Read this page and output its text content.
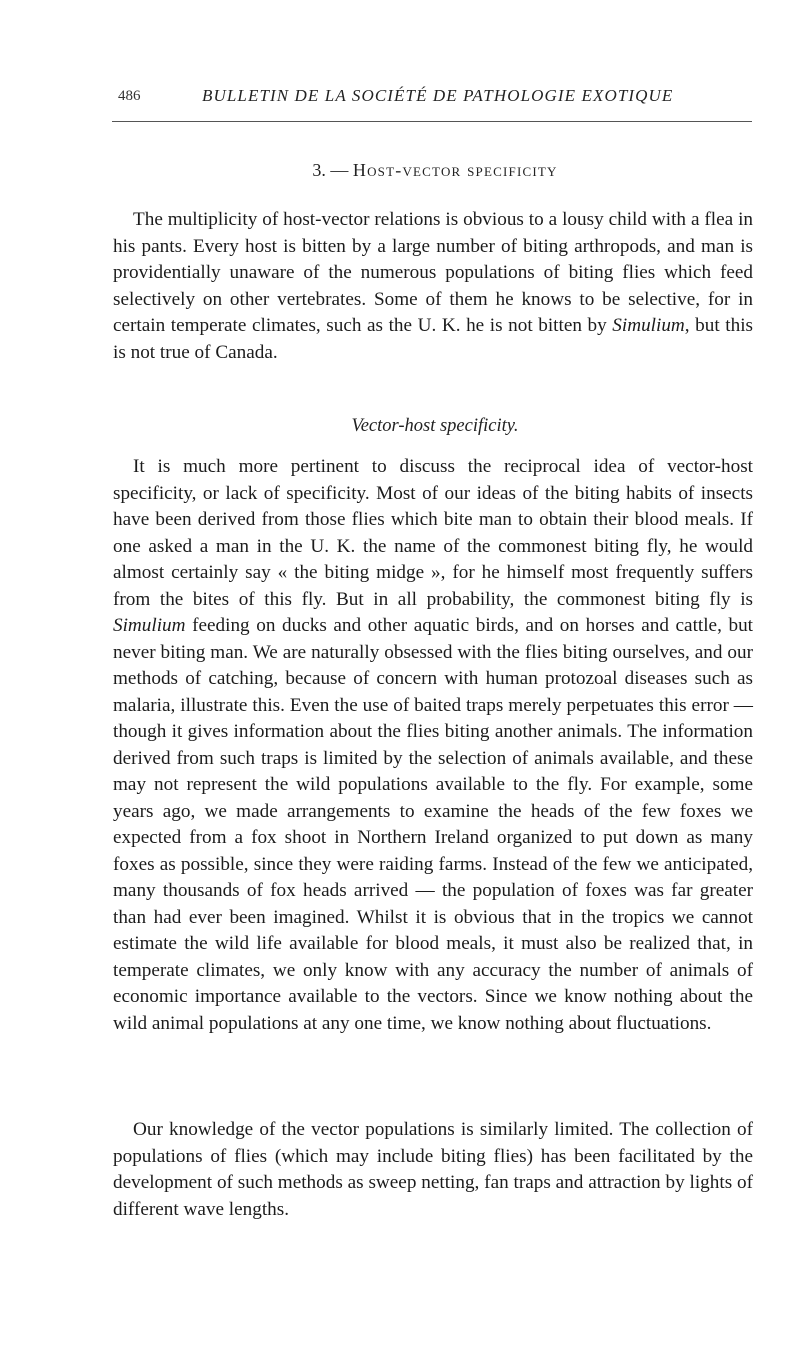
486	BULLETIN DE LA SOCIÉTÉ DE PATHOLOGIE EXOTIQUE
3. — Host-vector specificity

The multiplicity of host-vector relations is obvious to a lousy child with a flea in his pants. Every host is bitten by a large number of biting arthropods, and man is providentially unaware of the numerous populations of biting flies which feed selectively on other vertebrates. Some of them he knows to be selective, for in certain temperate climates, such as the U. K. he is not bitten by Simulium, but this is not true of Canada.

Vector-host specificity.

It is much more pertinent to discuss the reciprocal idea of vector-host specificity, or lack of specificity. Most of our ideas of the biting habits of insects have been derived from those flies which bite man to obtain their blood meals. If one asked a man in the U. K. the name of the commonest biting fly, he would almost certainly say « the biting midge », for he himself most frequently suffers from the bites of this fly. But in all probability, the commonest biting fly is Simulium feeding on ducks and other aquatic birds, and on horses and cattle, but never biting man. We are naturally obsessed with the flies biting ourselves, and our methods of catching, because of concern with human protozoal diseases such as malaria, illustrate this. Even the use of baited traps merely perpetuates this error — though it gives information about the flies biting another animals. The information derived from such traps is limited by the selection of animals available, and these may not represent the wild populations available to the fly. For example, some years ago, we made arrangements to examine the heads of the few foxes we expected from a fox shoot in Northern Ireland organized to put down as many foxes as possible, since they were raiding farms. Instead of the few we anticipated, many thousands of fox heads arrived — the population of foxes was far greater than had ever been imagined. Whilst it is obvious that in the tropics we cannot estimate the wild life available for blood meals, it must also be realized that, in temperate climates, we only know with any accuracy the number of animals of economic importance available to the vectors. Since we know nothing about the wild animal populations at any one time, we know nothing about fluctuations.

Our knowledge of the vector populations is similarly limited. The collection of populations of flies (which may include biting flies) has been facilitated by the development of such methods as sweep netting, fan traps and attraction by lights of different wave lengths.
